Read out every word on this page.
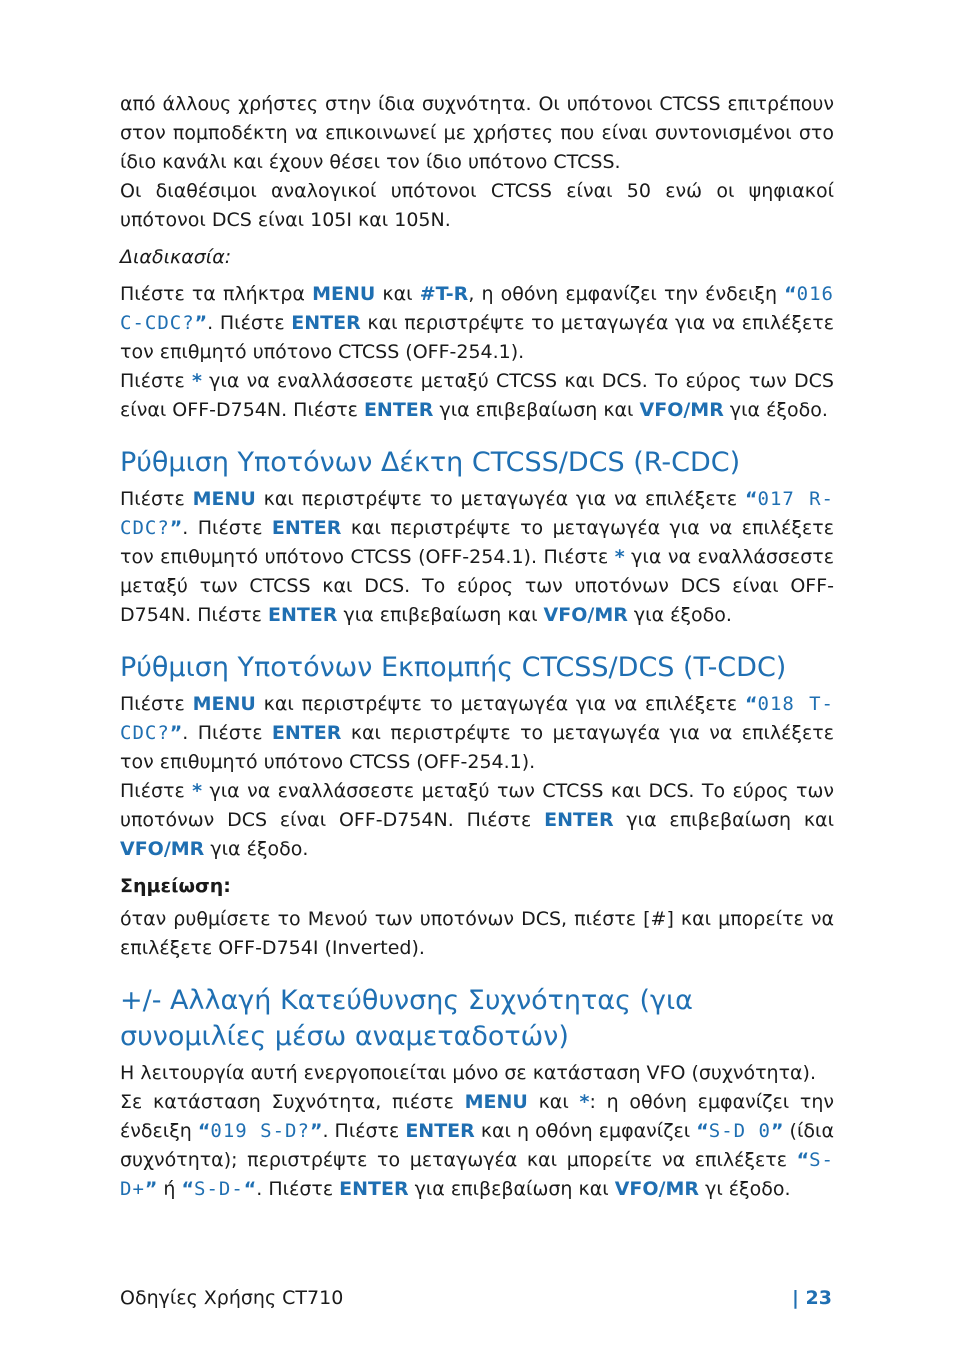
από άλλους χρήστες στην ίδια συχνότητα. Οι υπότονοι CTCSS επιτρέπουν στον πομποδέκτη να επικοινωνεί με χρήστες που είναι συντονισμένοι στο ίδιο κανάλι και έχουν θέσει τον ίδιο υπότονο CTCSS.

Οι διαθέσιμοι αναλογικοί υπότονοι CTCSS είναι 50 ενώ οι ψηφιακοί υπότονοι DCS είναι 105I και 105N.

Διαδικασία:

Πιέστε τα πλήκτρα MENU και #T-R, η οθόνη εμφανίζει την ένδειξη “016 C-CDC?”. Πιέστε ENTER και περιστρέψτε το μεταγωγέα για να επιλέξετε τον επιθμητό υπότονο CTCSS (OFF-254.1).

Πιέστε * για να εναλλάσσεστε μεταξύ CTCSS και DCS. Το εύρος των DCS είναι OFF-D754N. Πιέστε ENTER για επιβεβαίωση και VFO/MR για έξοδο.

Ρύθμιση Υποτόνων Δέκτη CTCSS/DCS (R-CDC)

Πιέστε MENU και περιστρέψτε το μεταγωγέα για να επιλέξετε “017 R-CDC?”. Πιέστε ENTER και περιστρέψτε το μεταγωγέα για να επιλέξετε τον επιθυμητό υπότονο CTCSS (OFF-254.1). Πιέστε * για να εναλλάσσεστε μεταξύ των CTCSS και DCS. Το εύρος των υποτόνων DCS είναι OFF-D754N. Πιέστε ENTER για επιβεβαίωση και VFO/MR για έξοδο.

Ρύθμιση Υποτόνων Εκπομπής CTCSS/DCS (T-CDC)

Πιέστε MENU και περιστρέψτε το μεταγωγέα για να επιλέξετε “018 T-CDC?”. Πιέστε ENTER και περιστρέψτε το μεταγωγέα για να επιλέξετε τον επιθυμητό υπότονο CTCSS (OFF-254.1).

Πιέστε * για να εναλλάσσεστε μεταξύ των CTCSS και DCS. Το εύρος των υποτόνων DCS είναι OFF-D754N. Πιέστε ENTER για επιβεβαίωση και VFO/MR για έξοδο.

Σημείωση:

όταν ρυθμίσετε το Μενού των υποτόνων DCS, πιέστε [#] και μπορείτε να επιλέξετε OFF-D754I (Inverted).

+/- Αλλαγή Κατεύθυνσης Συχνότητας (για συνομιλίες μέσω αναμεταδοτών)

Η λειτουργία αυτή ενεργοποιείται μόνο σε κατάσταση VFO (συχνότητα).

Σε κατάσταση Συχνότητα, πιέστε MENU και *: η οθόνη εμφανίζει την ένδειξη “019 S-D?”. Πιέστε ENTER και η οθόνη εμφανίζει “S-D 0” (ίδια συχνότητα); περιστρέψτε το μεταγωγέα και μπορείτε να επιλέξετε “S-D+” ή “S-D-“. Πιέστε ENTER για επιβεβαίωση και VFO/MR γι έξοδο.

Οδηγίες Χρήσης CT710	| 23
